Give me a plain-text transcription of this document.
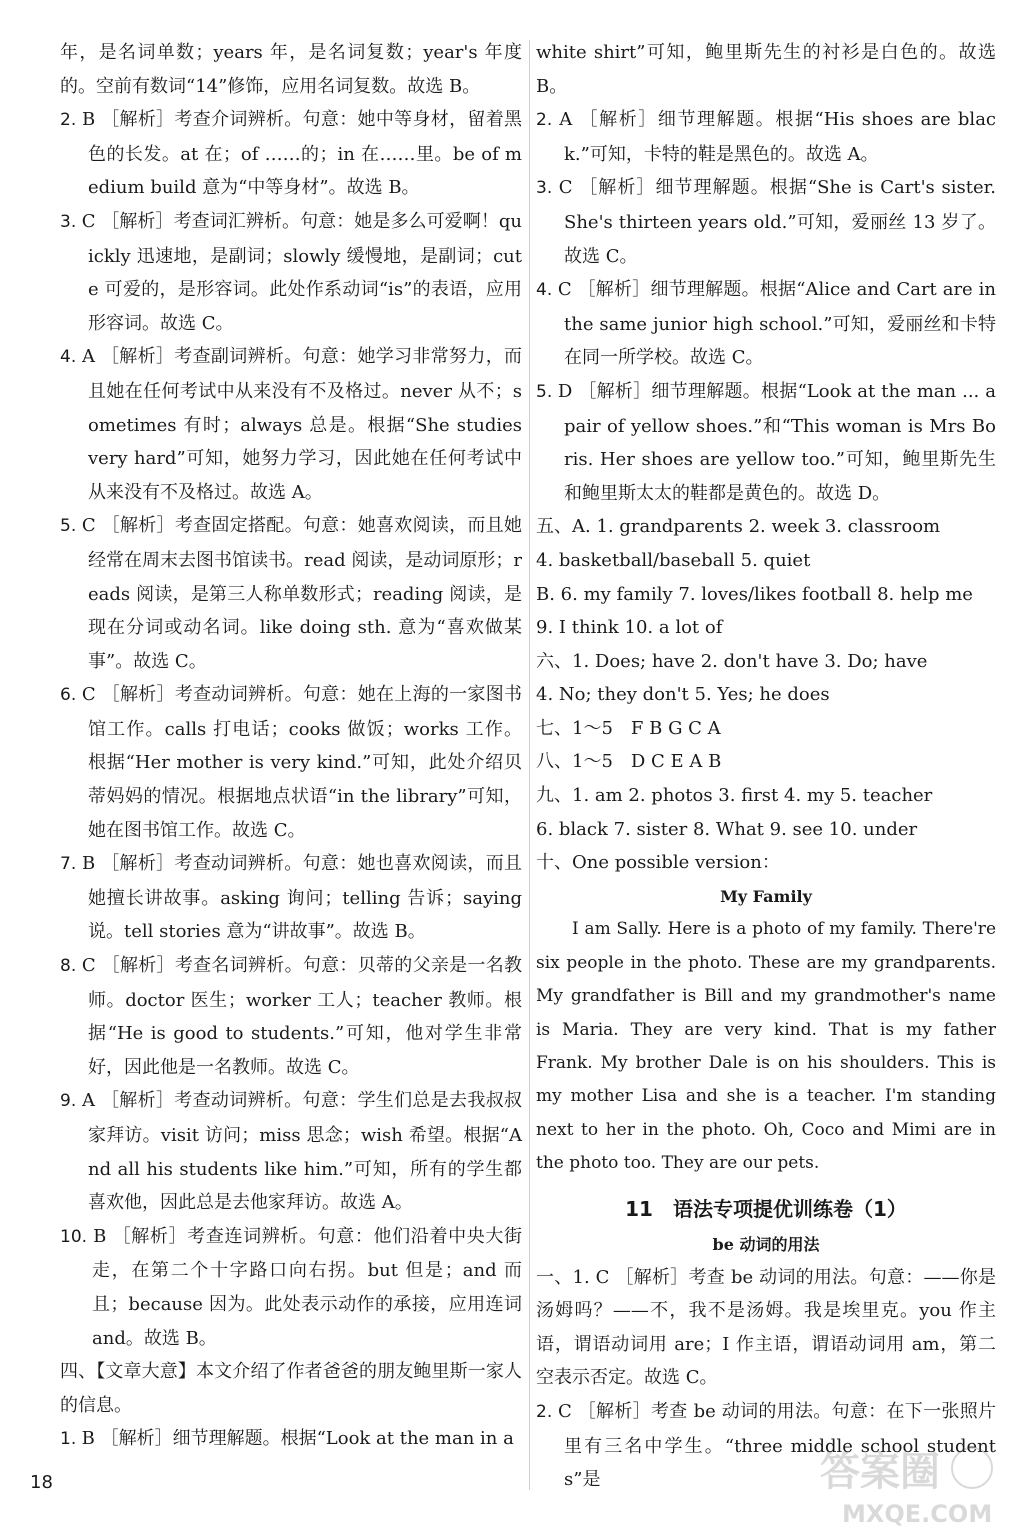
年，是名词单数；years 年，是名词复数；year's 年度的。空前有数词“14”修饰，应用名词复数。故选 B。

2. B ［解析］考查介词辨析。句意：她中等身材，留着黑色的长发。at 在；of ……的；in 在……里。be of medium build 意为“中等身材”。故选 B。

3. C ［解析］考查词汇辨析。句意：她是多么可爱啊！quickly 迅速地，是副词；slowly 缓慢地，是副词；cute 可爱的，是形容词。此处作系动词“is”的表语，应用形容词。故选 C。

4. A ［解析］考查副词辨析。句意：她学习非常努力，而且她在任何考试中从来没有不及格过。never 从不；sometimes 有时；always 总是。根据“She studies very hard”可知，她努力学习，因此她在任何考试中从来没有不及格过。故选 A。

5. C ［解析］考查固定搭配。句意：她喜欢阅读，而且她经常在周末去图书馆读书。read 阅读，是动词原形；reads 阅读，是第三人称单数形式；reading 阅读，是现在分词或动名词。like doing sth. 意为“喜欢做某事”。故选 C。

6. C ［解析］考查动词辨析。句意：她在上海的一家图书馆工作。calls 打电话；cooks 做饭；works 工作。根据“Her mother is very kind.”可知，此处介绍贝蒂妈妈的情况。根据地点状语“in the library”可知，她在图书馆工作。故选 C。

7. B ［解析］考查动词辨析。句意：她也喜欢阅读，而且她擅长讲故事。asking 询问；telling 告诉；saying 说。tell stories 意为“讲故事”。故选 B。

8. C ［解析］考查名词辨析。句意：贝蒂的父亲是一名教师。doctor 医生；worker 工人；teacher 教师。根据“He is good to students.”可知，他对学生非常好，因此他是一名教师。故选 C。

9. A ［解析］考查动词辨析。句意：学生们总是去我叔叔家拜访。visit 访问；miss 思念；wish 希望。根据“And all his students like him.”可知，所有的学生都喜欢他，因此总是去他家拜访。故选 A。

10. B ［解析］考查连词辨析。句意：他们沿着中央大街走，在第二个十字路口向右拐。but 但是；and 而且；because 因为。此处表示动作的承接，应用连词 and。故选 B。

四、【文章大意】本文介绍了作者爸爸的朋友鲍里斯一家人的信息。

1. B ［解析］细节理解题。根据“Look at the man in a

white shirt”可知，鲍里斯先生的衬衫是白色的。故选 B。

2. A ［解析］细节理解题。根据“His shoes are black.”可知，卡特的鞋是黑色的。故选 A。

3. C ［解析］细节理解题。根据“She is Cart's sister. She's thirteen years old.”可知，爱丽丝 13 岁了。故选 C。

4. C ［解析］细节理解题。根据“Alice and Cart are in the same junior high school.”可知，爱丽丝和卡特在同一所学校。故选 C。

5. D ［解析］细节理解题。根据“Look at the man ... a pair of yellow shoes.”和“This woman is Mrs Boris. Her shoes are yellow too.”可知，鲍里斯先生和鲍里斯太太的鞋都是黄色的。故选 D。

五、A. 1. grandparents 2. week 3. classroom

4. basketball/baseball 5. quiet

B. 6. my family 7. loves/likes football 8. help me

9. I think 10. a lot of

六、1. Does; have 2. don't have 3. Do; have

4. No; they don't 5. Yes; he does

七、1～5　F B G C A

八、1～5　D C E A B

九、1. am 2. photos 3. first 4. my 5. teacher

6. black 7. sister 8. What 9. see 10. under

十、One possible version：

My Family

I am Sally. Here is a photo of my family. There're six people in the photo. These are my grandparents. My grandfather is Bill and my grandmother's name is Maria. They are very kind. That is my father Frank. My brother Dale is on his shoulders. This is my mother Lisa and she is a teacher. I'm standing next to her in the photo. Oh, Coco and Mimi are in the photo too. They are our pets.

11　语法专项提优训练卷（1）

be 动词的用法

一、1. C ［解析］考查 be 动词的用法。句意：——你是汤姆吗？——不，我不是汤姆。我是埃里克。you 作主语，谓语动词用 are；I 作主语，谓语动词用 am，第二空表示否定。故选 C。

2. C ［解析］考查 be 动词的用法。句意：在下一张照片里有三名中学生。“three middle school students”是

18	答案圈
MXQE.COM
